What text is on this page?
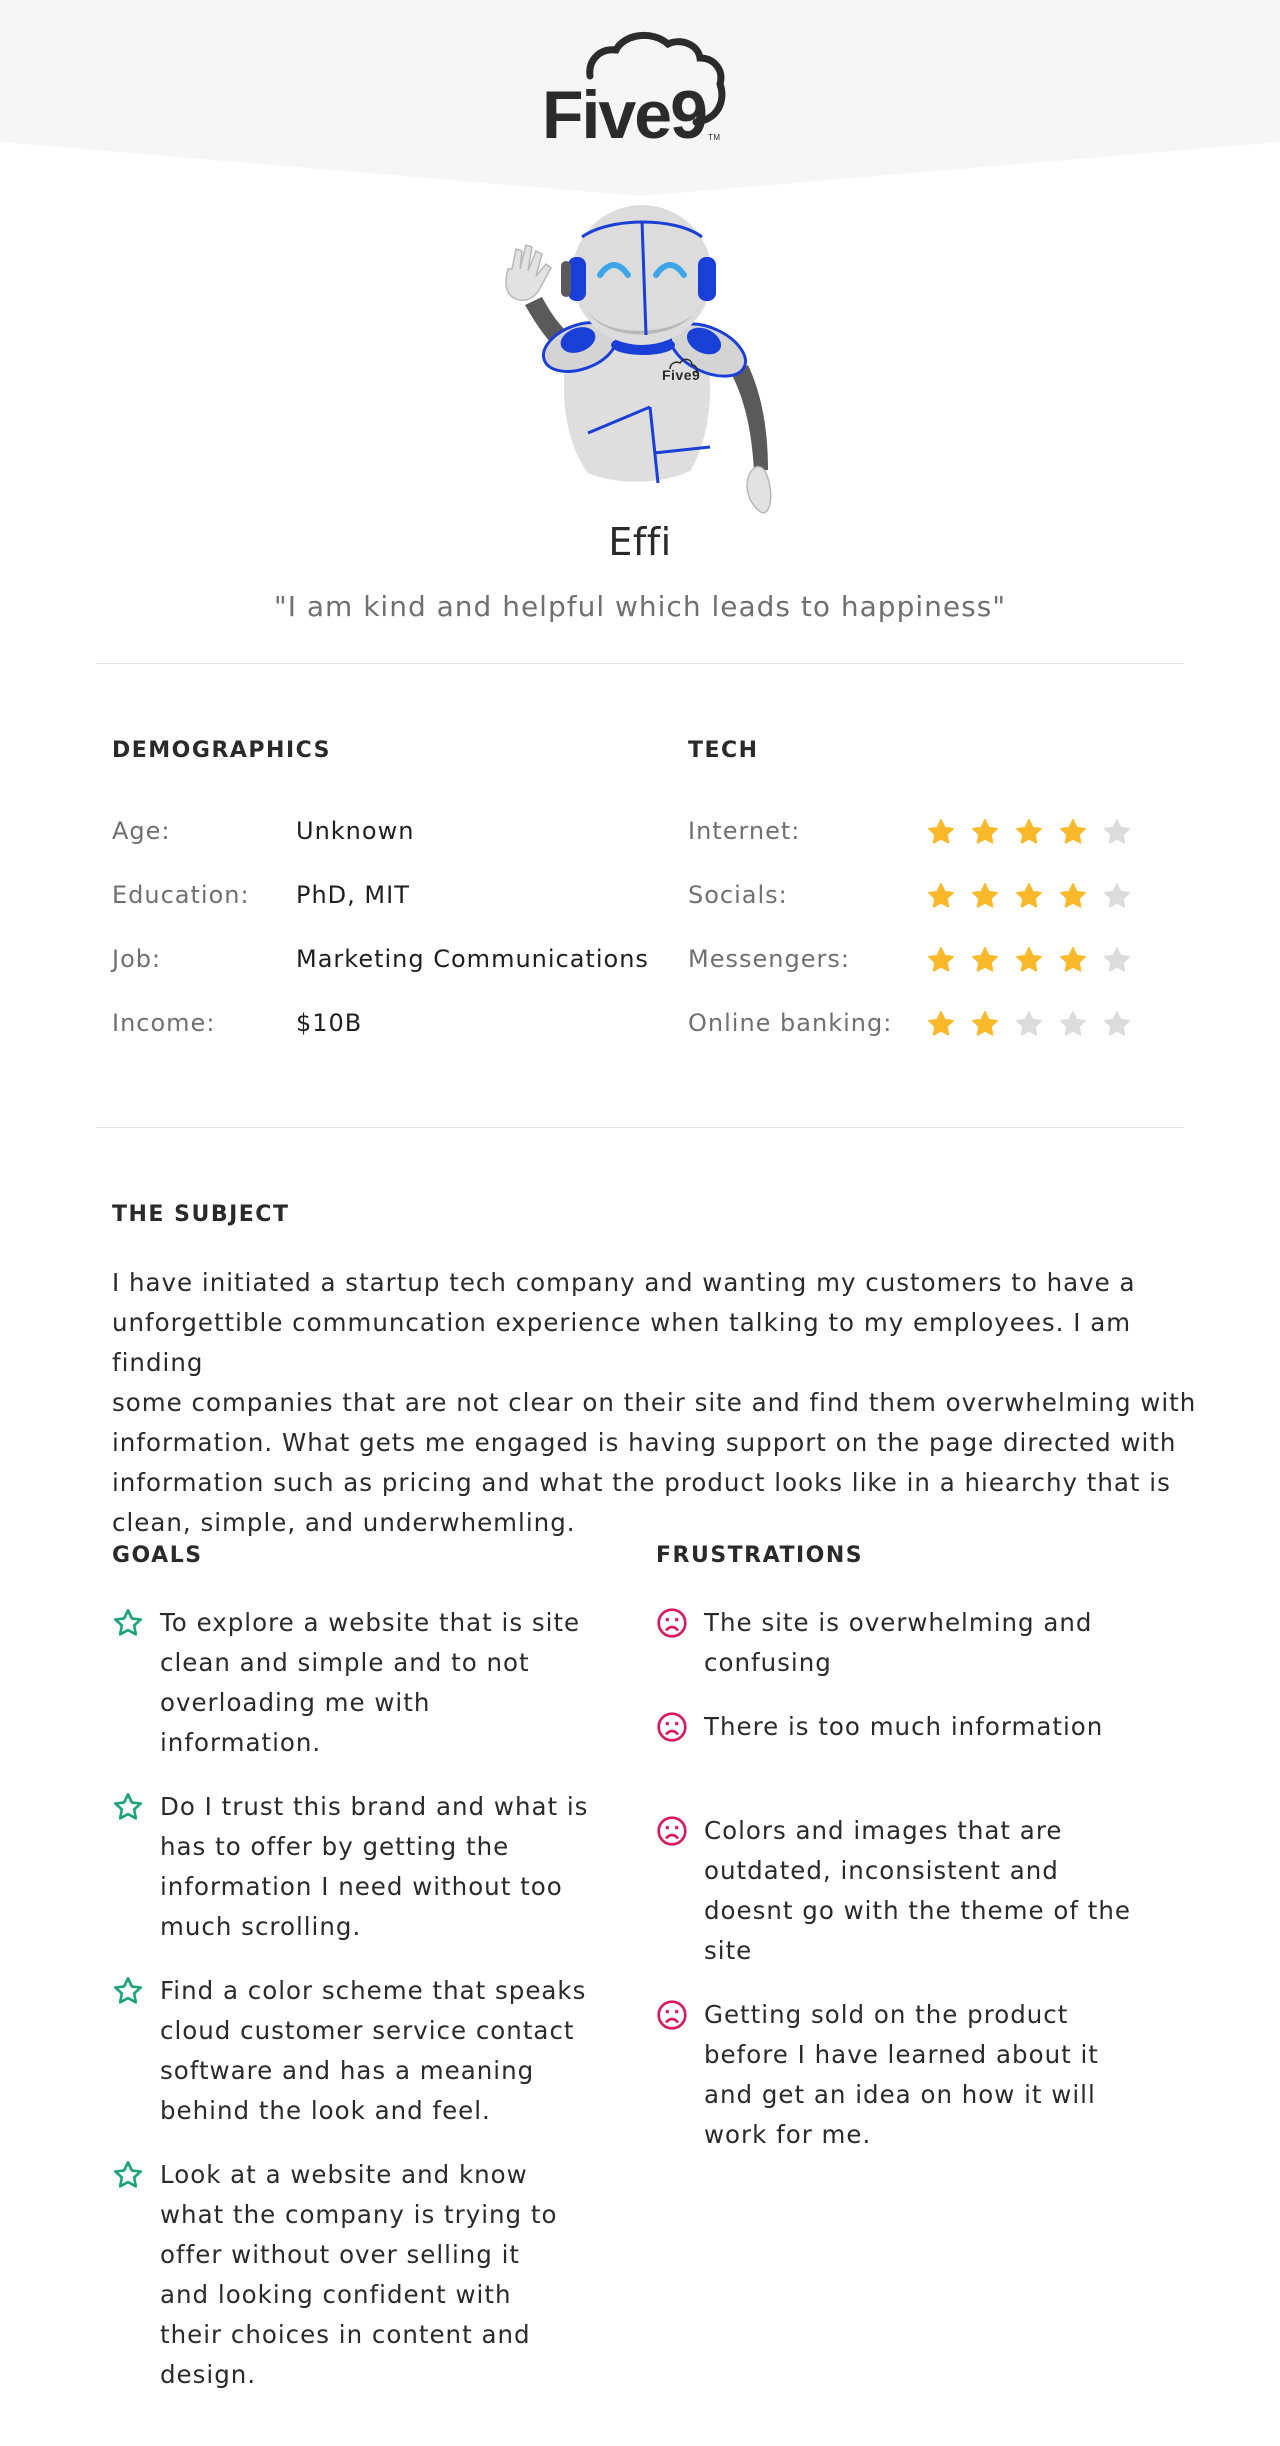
Five9 TM
Five9
Effi
"I am kind and helpful which leads to happiness"
DEMOGRAPHICS
Age:	Unknown
Education: PhD, MIT
Job:	Marketing Communications
Income:	$10B
TECH
Internet:
Socials:
Messengers:
Online banking:
THE SUBJECT
I have initiated a startup tech company and wanting my customers to have a
unforgettible communcation experience when talking to my employees. I am finding
some companies that are not clear on their site and find them overwhelming with
information. What gets me engaged is having support on the page directed with
information such as pricing and what the product looks like in a hiearchy that is
clean, simple, and underwhemling.
GOALS

To explore a website that is site

clean and simple and to not

overloading me with

information.

Do I trust this brand and what is

has to offer by getting the

information I need without too

much scrolling.

Find a color scheme that speaks

cloud customer service contact

software and has a meaning

behind the look and feel.

Look at a website and know

what the company is trying to

offer without over selling it

and looking confident with

their choices in content and

design.

FRUSTRATIONS

The site is overwhelming and

confusing

There is too much information

Colors and images that are

outdated, inconsistent and

doesnt go with the theme of the

site

Getting sold on the product

before I have learned about it

and get an idea on how it will

work for me.
